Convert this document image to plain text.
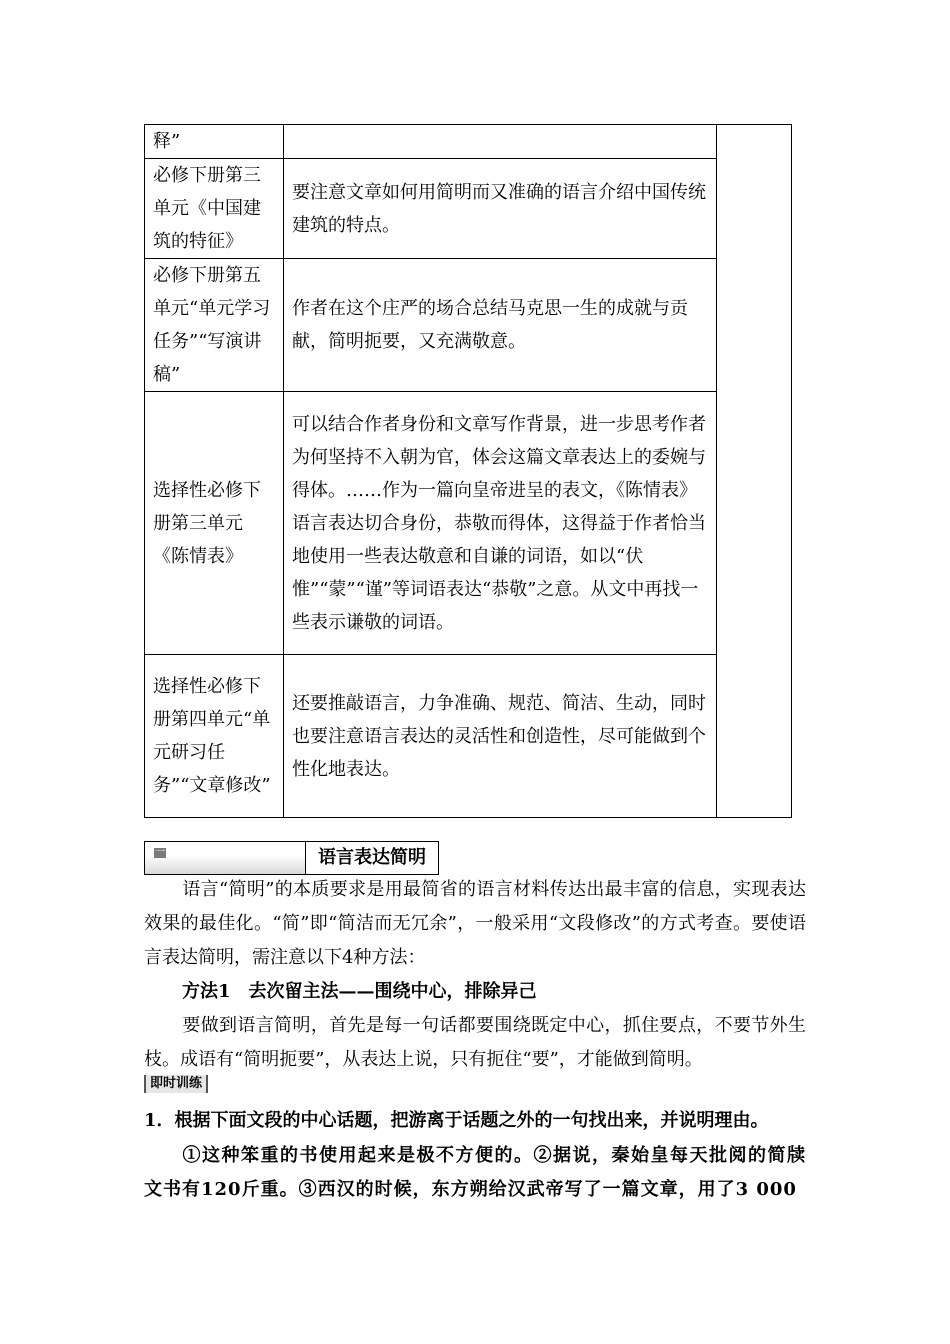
释”		
必修下册第三单元《中国建筑的特征》	要注意文章如何用简明而又准确的语言介绍中国传统建筑的特点。	
必修下册第五单元“单元学习任务”“写演讲稿”	作者在这个庄严的场合总结马克思一生的成就与贡献，简明扼要，又充满敬意。	
选择性必修下册第三单元《陈情表》	可以结合作者身份和文章写作背景，进一步思考作者为何坚持不入朝为官，体会这篇文章表达上的委婉与得体。……作为一篇向皇帝进呈的表文，《陈情表》语言表达切合身份，恭敬而得体，这得益于作者恰当地使用一些表达敬意和自谦的词语，如以“伏惟”“蒙”“谨”等词语表达“恭敬”之意。从文中再找一些表示谦敬的词语。	
选择性必修下册第四单元“单元研习任务”“文章修改”	还要推敲语言，力争准确、规范、简洁、生动，同时也要注意语言表达的灵活性和创造性，尽可能做到个性化地表达。	
一	语言表达简明

语言“简明”的本质要求是用最简省的语言材料传达出最丰富的信息，实现表达效果的最佳化。“简”即“简洁而无冗余”，一般采用“文段修改”的方式考查。要使语言表达简明，需注意以下4种方法：

方法1　去次留主法——围绕中心，排除异己

要做到语言简明，首先是每一句话都要围绕既定中心，抓住要点，不要节外生枝。成语有“简明扼要”，从表达上说，只有扼住“要”，才能做到简明。

即时训练

1．根据下面文段的中心话题，把游离于话题之外的一句找出来，并说明理由。

①这种笨重的书使用起来是极不方便的。②据说，秦始皇每天批阅的简牍文书有120斤重。③西汉的时候，东方朔给汉武帝写了一篇文章，用了3 000
